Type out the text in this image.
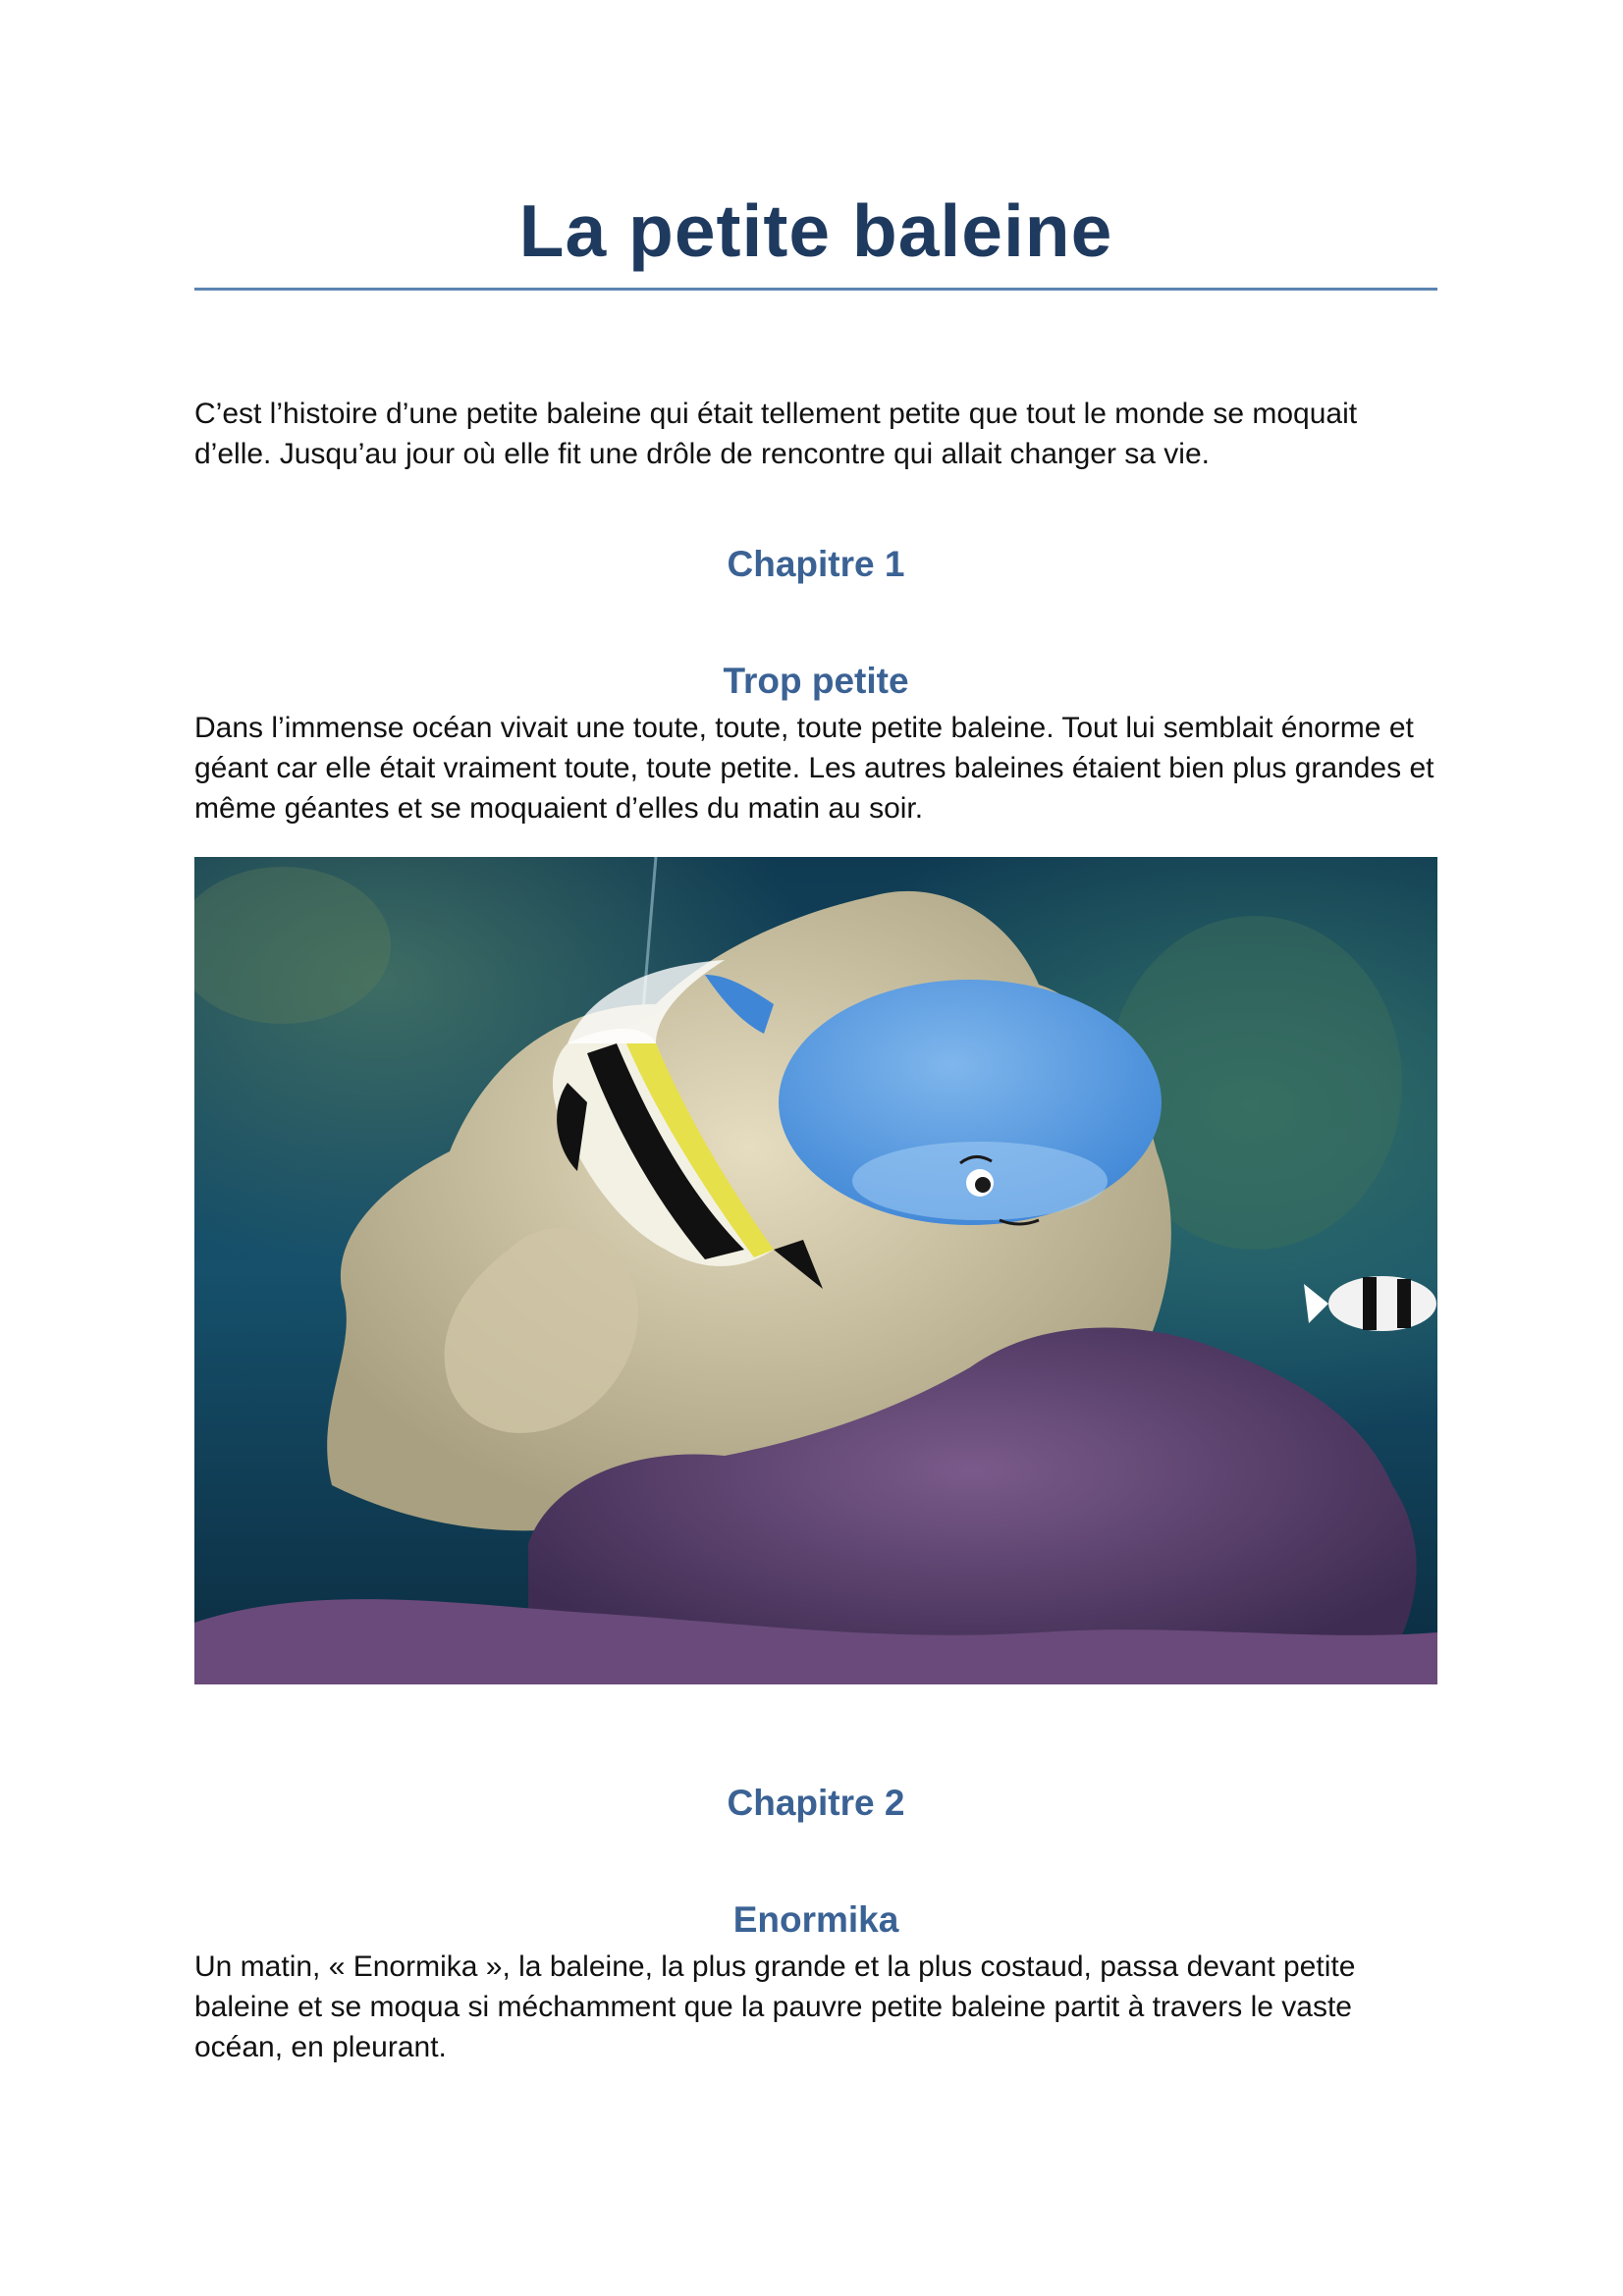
La petite baleine

C’est l’histoire d’une petite baleine qui était tellement petite que tout le monde se moquait d’elle. Jusqu’au jour où elle fit une drôle de rencontre qui allait changer sa vie.

Chapitre 1
Trop petite

Dans l’immense océan vivait une toute, toute, toute petite baleine. Tout lui semblait énorme et géant car elle était vraiment toute, toute petite. Les autres baleines étaient bien plus grandes et même géantes et se moquaient d’elles du matin au soir.

Chapitre 2
Enormika

Un matin, « Enormika », la baleine, la plus grande et la plus costaud, passa devant petite baleine et se moqua si méchamment que la pauvre petite baleine partit à travers le vaste océan, en pleurant.
